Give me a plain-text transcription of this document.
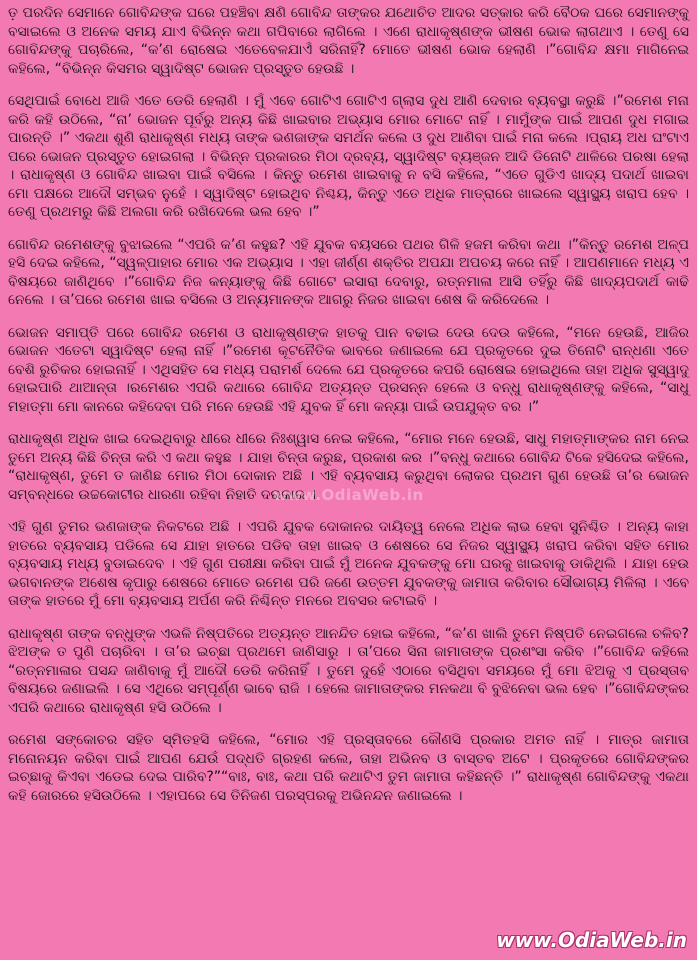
ତ଼ ପରଦିନ ସେମାନେ ଗୋବିନ୍ଦଙ୍କ ଘରେ ପହଞ୍ଚିବା କ୍ଷଣି ଗୋବିନ୍ଦ ତାଙ୍କର ଯଥୋଚିତ ଆଦର ସତ୍କାର କରି ବୈଠକ ଘରେ ସେମାନଙ୍କୁ ବସାଇଲେ ଓ ଅନେକ ସମୟ ଯାଏ ବିଭିନ୍ନ କଥା ଗପିବାରେ ଲାଗିଲେ । ଏଣେ ରାଧାକୃଷ୍ଣଙ୍କ ଭୀଷଣ ଭୋକ ଲାଗଥାଏ । ତେଣୁ ସେ ଗୋବିନ୍ଦଙ୍କୁ ପଚାରିଲେ, “କ’ଣ ରୋଷେଇ ଏତେବେଳଯାଏଁ ସରିନାହିଁ? ମୋତେ ଭୀଷଣ ଭୋକ ହେଲାଣି ।”ଗୋବିନ୍ଦ କ୍ଷମା ମାଗିନେଇ କହିଲେ, “ବିଭିନ୍ନ କିସମର ସ୍ୱାଦିଷ୍ଟ ଭୋଜନ ପ୍ରସ୍ତୁତ ହେଉଛି ।

ସେଥିପାଇଁ ବୋଧେ ଆଜି ଏତେ ଡେରି ହେଲାଣି । ମୁଁ ଏବେ ଗୋଟିଏ ଗୋଟିଏ ଗ୍ଲାସ ଦୁଧ ଆଣି ଦେବାର ବ୍ୟବସ୍ଥା କରୁଛି ।”ରମେଶ ମନା କରି କହି ଉଠିଲେ, “ନା’ ଭୋଜନ ପୂର୍ବରୁ ଅନ୍ୟ କିଛି ଖାଇବାର ଅଭ୍ୟାସ ମୋର ମୋଟେ ନାହିଁ । ମାମୁଁଙ୍କ ପାଇଁ ଆପଣ ଦୁଧ ମଗାଇ ପାରନ୍ତି ।” ଏକଥା ଶୁଣି ରାଧାକୃଷ୍ଣ ମଧ୍ୟ ତାଙ୍କ ଭଣଜାଙ୍କ ସମର୍ଥନ କଲେ ଓ ଦୁଧ ଆଣିବା ପାଇଁ ମନା କଲେ ।ପ୍ରାୟ ଅଧ ଘଂଟାଏ ପରେ ଭୋଜନ ପ୍ରସ୍ତୁତ ହୋଇଗଲା । ବିଭିନ୍ନ ପ୍ରକାରର ମିଠା ଦ୍ରବ୍ୟ, ସ୍ୱାଦିଷ୍ଟ ବ୍ୟଞ୍ଜନ ଆଦି ଡିନୋଟି ଥାଳିରେ ପରଷା ହେଲା । ରାଧାକୃଷ୍ଣ ଓ ଗୋବିନ୍ଦ ଖାଇବା ପାଇଁ ବସିଲେ । କିନ୍ତୁ ରମେଶ ଖାଇବାକୁ ନ ବସି କହିଲେ, “ଏତେ ଗୁଡିଏ ଖାଦ୍ୟ ପଦାର୍ଥ ଖାଇବା ମୋ ପକ୍ଷରେ ଆଦୌ ସମ୍ଭବ ନୁହେଁ । ସ୍ୱାଦିଷ୍ଟ ହୋଇଥିବ ନିଶ୍ଚୟ, କିନ୍ତୁ ଏତେ ଅଧିକ ମାତ୍ରାରେ ଖାଇଲେ ସ୍ୱାସ୍ଥ୍ୟ ଖରାପ ହେବ । ତେଣୁ ପ୍ରଥମରୁ କିଛି ଅଲଗା କରି ରଖିଦେଲେ ଭଲ ହେବ ।”

ଗୋବିନ୍ଦ ରମେଶଙ୍କୁ ବୁଝାଇଲେ “ଏପରି କ’ଣ କହୁଛ? ଏହି ଯୁବକ ବୟସରେ ପଥର ଗିଳି ହଜମ କରିବା କଥା ।”କିନ୍ତୁ ରମେଶ ଅଳ୍ପ ହସି ଦେଇ କହିଲେ, “ସ୍ୱଳ୍ପାହାର ମୋର ଏକ ଅଭ୍ୟାସ । ଏହା ଜୀର୍ଣ୍ଣ ଶକ୍ତିର ଅପଯା ଅପଚୟ କରେ ନାହିଁ । ଆପଣମାନେ ମଧ୍ୟ ଏ ବିଷୟରେ ଜାଣିଥିବେ ।”ଗୋବିନ୍ଦ ନିଜ କନ୍ୟାଙ୍କୁ କିଛି ଗୋଟେ ଇସାରା ଦେବାରୁ, ରତ୍ନମାଳା ଆସି ତହିଁରୁ କିଛି ଖାଦ୍ୟପଦାର୍ଥ କାଢି ନେଲେ । ତା’ପରେ ରମେଶ ଖାଇ ବସିଲେ ଓ ଅନ୍ୟମାନଙ୍କ ଆଗରୁ ନିଜର ଖାଇବା ଶେଷ କି କରିଦେଲେ ।

ଭୋଜନ ସମାପ୍ତି ପରେ ଗୋବିନ୍ଦ ରମେଶ ଓ ରାଧାକୃଷ୍ଣଙ୍କ ହାତକୁ ପାନ ବଢାଇ ଦେଉ ଦେଉ କହିଲେ, “ମନେ ହେଉଛି, ଆଜିର ଭୋଜନ ଏତେଟା ସ୍ୱାଦିଷ୍ଟ ହେଲା ନାହିଁ ।”ରମେଶ କୂଟନୈତିକ ଭାବରେ ଜଣାଇଲେ ଯେ ପ୍ରକୃତରେ ଦୁଇ ତିନୋଟି ରାନ୍ଧଣା ଏତେ ବେଶି ରୁଚିକର ହୋଇନାହିଁ । ଏଥିସହିତ ସେ ମଧ୍ୟ ପରାମର୍ଶ ଦେଲେ ଯେ ପ୍ରକୃତରେ କପରି ରୋଷେଇ ହୋଇଥିଲେ ତାହା ଅଧିକ ସୁସ୍ୱାଦୁ ହୋଇପାରି ଥାଆନ୍ତା ।ରମେଶର ଏପରି କଥାରେ ଗୋବିନ୍ଦ ଅତ୍ୟନ୍ତ ପ୍ରସନ୍ନ ହେଲେ ଓ ବନ୍ଧୁ ରାଧାକୃଷ୍ଣଙ୍କୁ କହିଲେ, “ସାଧୁ ମହାତ୍ମା ମୋ କାନରେ କହିଦେବା ପରି ମନେ ହେଉଛି ଏହି ଯୁବକ ହିଁ ମୋ କନ୍ୟା ପାଇଁ ଉପଯୁକ୍ତ ବର ।”

ରାଧାକୃଷ୍ଣ ଅଧିକ ଖାଇ ଦେଇଥିବାରୁ ଧୀରେ ଧୀରେ ନିଃଶ୍ୱାସ ନେଇ କହିଲେ, “ମୋର ମନେ ହେଉଛି, ସାଧୁ ମହାତ୍ମାଙ୍କର ନାମ ନେଇ ତୁମେ ଅନ୍ୟ କିଛି ଚିନ୍ତା କରି ଏ କଥା କହୁଛ । ଯାହା ଚିନ୍ତା କରୁଛ, ପ୍ରକାଶ କର ।”ବନ୍ଧୁ କଥାରେ ଗୋବିନ୍ଦ ଟିକେ ହସିଦେଇ କହିଲେ, “ରାଧାକୃଷ୍ଣ, ତୁମେ ତ ଜାଣିଛ ମୋର ମିଠା ଦୋକାନ ଅଛି । ଏହି ବ୍ୟବସାୟ କରୁଥିବା ଲୋକର ପ୍ରଥମ ଗୁଣ ହେଉଛି ତା’ର ଭୋଜନ ସମ୍ବନ୍ଧରେ ଉଚ୍ଚକୋଟୀର ଧାରଣା ରହିବା ନିହାତି ଦରକାର ।

ଏହି ଗୁଣ ତୁମର ଭଣଜାଙ୍କ ନିକଟରେ ଅଛି । ଏପରି ଯୁବକ ଦୋକାନର ଦାୟିତ୍ୱ ନେଲେ ଅଧିକ ଲାଭ ହେବା ସୁନିଶ୍ଚିତ । ଅନ୍ୟ କାହା ହାତରେ ବ୍ୟବସାୟ ପଡିଲେ ସେ ଯାହା ହାତରେ ପଡିବ ତାହା ଖାଇବ ଓ ଶେଷରେ ସେ ନିଜର ସ୍ୱାସ୍ଥ୍ୟ ଖରାପ କରିବା ସହିତ ମୋର ବ୍ୟବସାୟ ମଧ୍ୟ ବୁଡାଇଦେବ । ଏହି ଗୁଣ ପରୀକ୍ଷା କରିବା ପାଇଁ ମୁଁ ଅନେକ ଯୁବକଙ୍କୁ ମୋ ଘରକୁ ଖାଇବାକୁ ଡାକିଥିଲି । ଯାହା ହେଉ ଭଗବାନଙ୍କ ଅଶେଷ କୃପାରୁ ଶେଷରେ ମୋତେ ରମେଶ ପରି ଜଣେ ଉତ୍ତମ ଯୁବକଙ୍କୁ ଜାମାତା କରିବାର ସୌଭାଗ୍ୟ ମିଳିଲା । ଏବେ ତାଙ୍କ ହାତରେ ମୁଁ ମୋ ବ୍ୟବସାୟ ଅର୍ପଣ କରି ନିଶ୍ଚିନ୍ତ ମନରେ ଅବସର କଟାଇବି ।

ରାଧାକୃଷ୍ଣ ତାଙ୍କ ବନ୍ଧୁଙ୍କ ଏଭଳି ନିଷ୍ପତିରେ ଅତ୍ୟନ୍ତ ଆନନ୍ଦିତ ହୋଇ କହିଲେ, “କ’ଣ ଖାଲି ତୁମେ ନିଷ୍ପତି ନେଇଗଲେ ଚଳିବ? ଝିଅଙ୍କ ତ ପୁଣି ପଚାରିବା । ତା’ର ଇଚ୍ଛା ପ୍ରଥମେ ଜାଣିସାରୁ । ତା’ପରେ ସିନା ଜାମାତାଙ୍କ ପ୍ରଶଂସା କରିବ ।”ଗୋବିନ୍ଦ କହିଲେ “ରତ୍ନମାଳାର ପସନ୍ଦ ଜାଣିବାକୁ ମୁଁ ଆଦୌ ଡେରି କରିନାହିଁ । ତୁମେ ଦୁହେଁ ଏଠାରେ ବସିଥିବା ସମୟରେ ମୁଁ ମୋ ଝିଅକୁ ଏ ପ୍ରସ୍ତାବ ବିଷୟରେ ଜଣାଇଲି । ସେ ଏଥିରେ ସମ୍ପୂର୍ଣ୍ଣ ଭାବେ ରାଜି । ହେଲେ ଜାମାତାଙ୍କର ମନକଥା ବି ବୁଝିନେବା ଭଲ ହେବ ।”ଗୋବିନ୍ଦଙ୍କର ଏପରି କଥାରେ ରାଧାକୃଷ୍ଣ ହସି ଉଠିଲେ ।

ରମେଶ ସଙ୍କୋଚର ସହିତ ସ୍ମିତହସି କହିଲେ, “ମୋର ଏହି ପ୍ରସ୍ତାବରେ କୌଣସି ପ୍ରକାର ଅମତ ନାହିଁ । ମାତ୍ର ଜାମାତା ମନୋନୟନ କରିବା ପାଇଁ ଆପଣ ଯେଉଁ ପଦ୍ଧତି ଗ୍ରହଣ କଲେ, ତାହା ଅଭିନବ ଓ ବାସ୍ତବ ଅଟେ । ପ୍ରକୃତରେ ଗୋବିନ୍ଦଙ୍କର ଇଚ୍ଛାକୁ କିଏବା ଏଡେଇ ଦେଇ ପାରିବ?”“ବାଃ, ବାଃ, କଥା ପରି କଥାଟିଏ ତୁମ ଜାମାତା କହିଛନ୍ତି ।” ରାଧାକୃଷ୍ଣ ଗୋବିନ୍ଦଙ୍କୁ ଏକଥା କହି ଜୋରରେ ହସିଉଠିଲେ । ଏହାପରେ ସେ ତିନିଜଣ ପରସ୍ପରକୁ ଅଭିନନ୍ଦନ ଜଣାଇଲେ ।

www.OdiaWeb.in
www.OdiaWeb.in
